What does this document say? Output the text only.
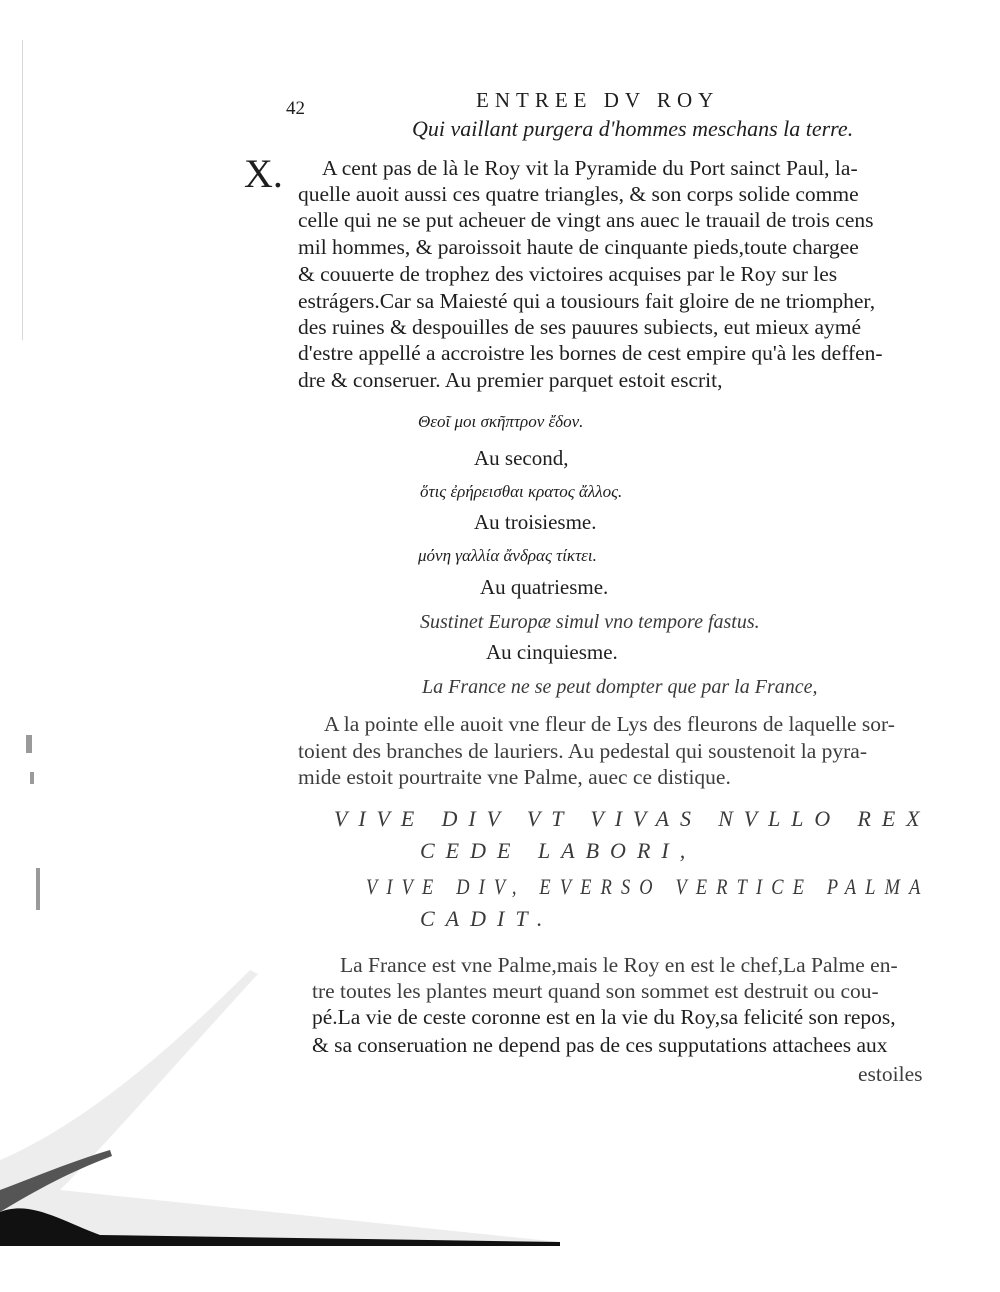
42	ENTREE DV ROY
Qui vaillant purgera d'hommes meschans la terre.
X. A cent pas de là le Roy vit la Pyramide du Port sainct Paul, la-
quelle auoit aussi ces quatre triangles, & son corps solide comme
celle qui ne se put acheuer de vingt ans auec le trauail de trois cens
mil hommes, & paroissoit haute de cinquante pieds,toute chargee
& couuerte de trophez des victoires acquises par le Roy sur les
estrágers.Car sa Maiesté qui a tousiours fait gloire de ne triompher,
des ruines & despouilles de ses pauures subiects, eut mieux aymé
d'estre appellé a accroistre les bornes de cest empire qu'à les deffen-
dre & conseruer. Au premier parquet estoit escrit,
Θεοῖ μοι σκῆπτρον ἔδον.
Au second,
ὅτις ἐρήρεισθαι κρατος ἄλλος.
Au troisiesme.
μόνη γαλλία ἄνδρας τίκτει.
Au quatriesme.
Sustinet Europæ simul vno tempore fastus.
Au cinquiesme.
La France ne se peut dompter que par la France,
A la pointe elle auoit vne fleur de Lys des fleurons de laquelle sor-
toient des branches de lauriers. Au pedestal qui soustenoit la pyra-
mide estoit pourtraite vne Palme, auec ce distique.
VIVE DIV VT VIVAS NVLLO REX
CEDE LABORI,
VIVE DIV, EVERSO VERTICE PALMA
CADIT.
La France est vne Palme,mais le Roy en est le chef,La Palme en-
tre toutes les plantes meurt quand son sommet est destruit ou cou-
pé.La vie de ceste coronne est en la vie du Roy,sa felicité son repos,
& sa conseruation ne depend pas de ces supputations attachees aux
estoiles
